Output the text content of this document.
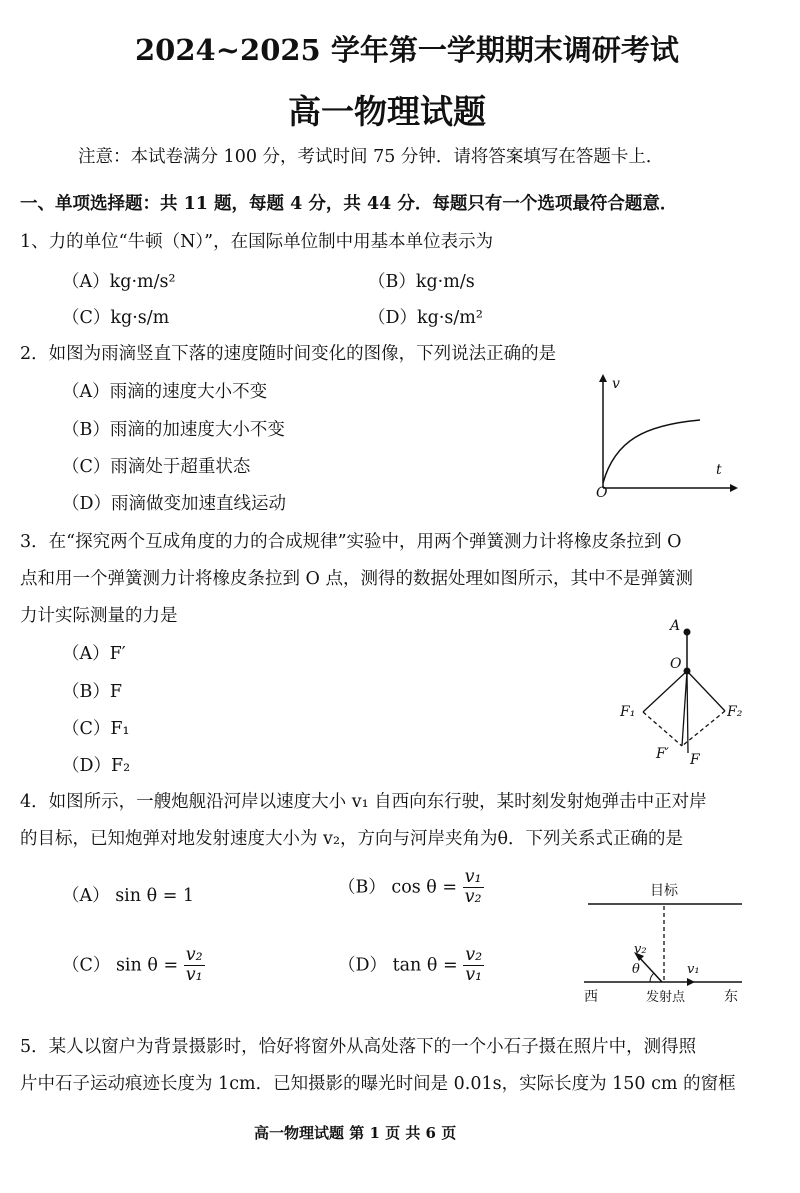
2024~2025 学年第一学期期末调研考试
高一物理试题
注意：本试卷满分 100 分，考试时间 75 分钟．请将答案填写在答题卡上．
一、单项选择题：共 11 题，每题 4 分，共 44 分．每题只有一个选项最符合题意．
1、力的单位“牛顿（N）”，在国际单位制中用基本单位表示为
（A）kg·m/s²	（B）kg·m/s
（C）kg·s/m	（D）kg·s/m²
2．如图为雨滴竖直下落的速度随时间变化的图像，下列说法正确的是
（A）雨滴的速度大小不变
（B）雨滴的加速度大小不变
（C）雨滴处于超重状态
（D）雨滴做变加速直线运动
v
t
O
3．在“探究两个互成角度的力的合成规律”实验中，用两个弹簧测力计将橡皮条拉到 O
点和用一个弹簧测力计将橡皮条拉到 O 点，测得的数据处理如图所示，其中不是弹簧测
力计实际测量的力是
（A）F′
（B）F
（C）F₁
（D）F₂
A
O
F₁	F₂
F′ F
4．如图所示，一艘炮舰沿河岸以速度大小 v₁ 自西向东行驶，某时刻发射炮弹击中正对岸
的目标，已知炮弹对地发射速度大小为 v₂，方向与河岸夹角为θ．下列关系式正确的是
（A） sin θ = 1	（B） $\cos \theta = \frac{\text{v₁}}{\text{v₂}}$
（C） $\sin \theta = \frac{\text{v₂}}{\text{v₁}}$	（D） $\tan \theta = \frac{\text{v₂}}{\text{v₁}}$
目标
v₂
θ	v₁
西	发射点	东
5．某人以窗户为背景摄影时，恰好将窗外从高处落下的一个小石子摄在照片中，测得照
片中石子运动痕迹长度为 1cm．已知摄影的曝光时间是 0.01s，实际长度为 150 cm 的窗框
高一物理试题 第 1 页 共 6 页
